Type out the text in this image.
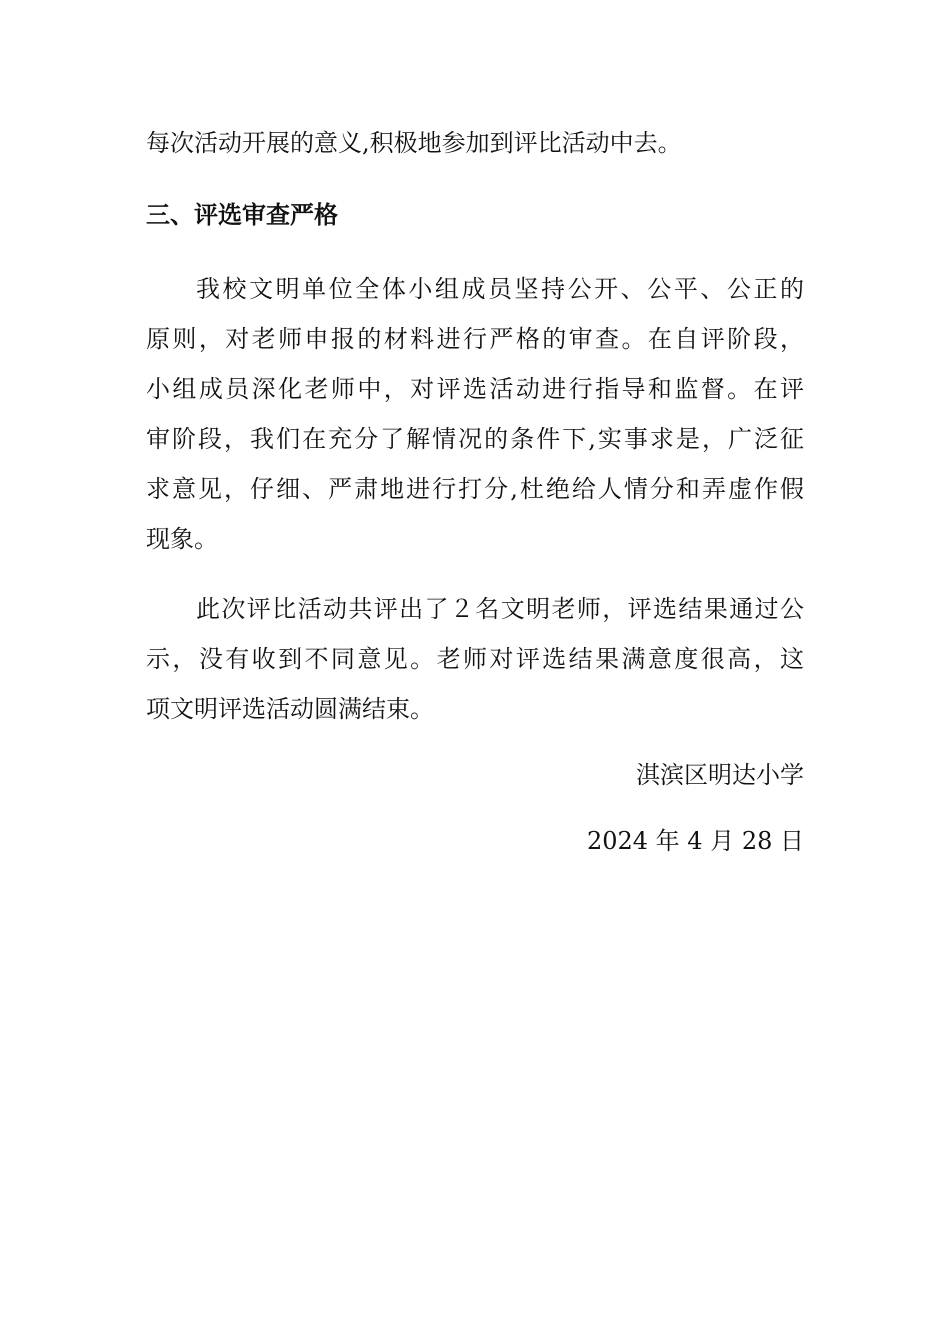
每次活动开展的意义,积极地参加到评比活动中去。
三、评选审查严格
我校文明单位全体小组成员坚持公开、公平、公正的
原则，对老师申报的材料进行严格的审查。在自评阶段，
小组成员深化老师中，对评选活动进行指导和监督。在评
审阶段，我们在充分了解情况的条件下,实事求是，广泛征
求意见，仔细、严肃地进行打分,杜绝给人情分和弄虚作假
现象。
此次评比活动共评出了２名文明老师，评选结果通过公
示，没有收到不同意见。老师对评选结果满意度很高，这
项文明评选活动圆满结束。
淇滨区明达小学
2024 年 4 月 28 日
